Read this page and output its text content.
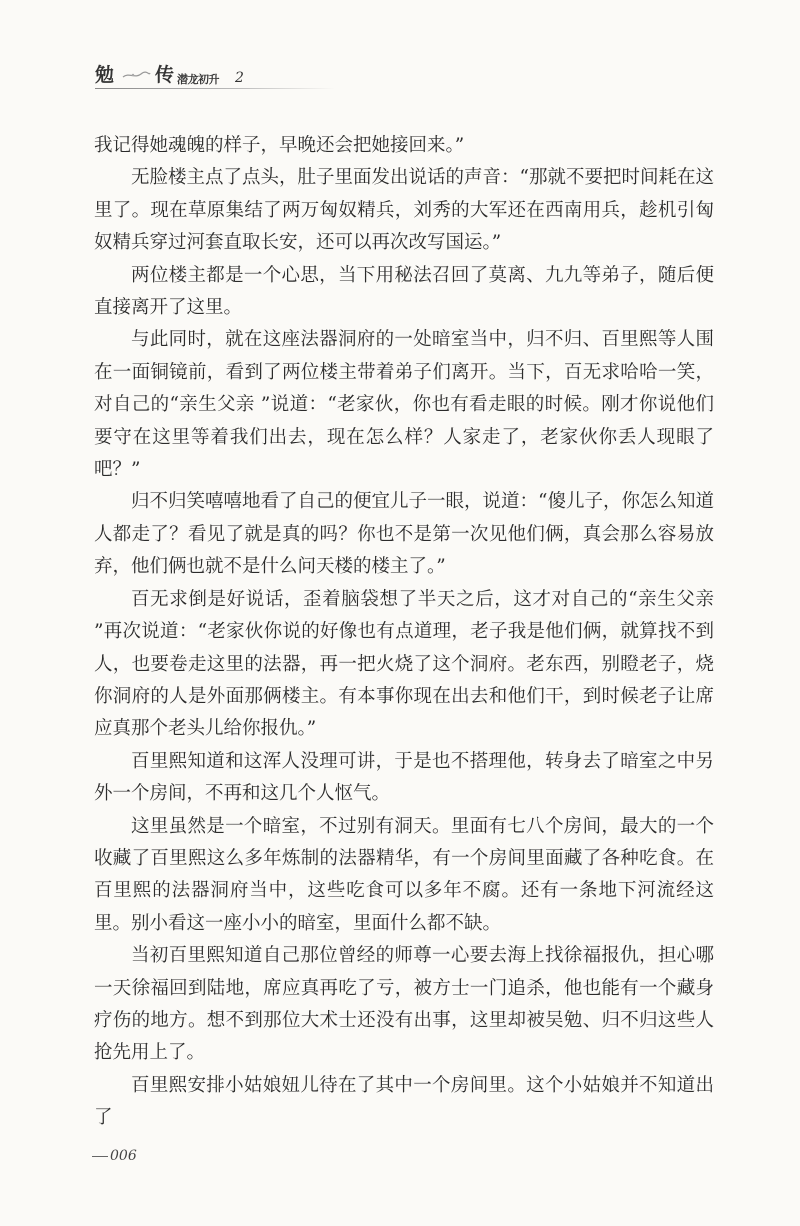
勉 传 潜龙初升 2

我记得她魂魄的样子，早晚还会把她接回来。”

无脸楼主点了点头，肚子里面发出说话的声音：“那就不要把时间耗在这里了。现在草原集结了两万匈奴精兵，刘秀的大军还在西南用兵，趁机引匈奴精兵穿过河套直取长安，还可以再次改写国运。”

两位楼主都是一个心思，当下用秘法召回了莫离、九九等弟子，随后便直接离开了这里。

与此同时，就在这座法器洞府的一处暗室当中，归不归、百里熙等人围在一面铜镜前，看到了两位楼主带着弟子们离开。当下，百无求哈哈一笑，对自己的“亲生父亲 ”说道：“老家伙，你也有看走眼的时候。刚才你说他们要守在这里等着我们出去，现在怎么样？人家走了，老家伙你丢人现眼了吧？”

归不归笑嘻嘻地看了自己的便宜儿子一眼，说道：“傻儿子，你怎么知道人都走了？看见了就是真的吗？你也不是第一次见他们俩，真会那么容易放弃，他们俩也就不是什么问天楼的楼主了。”

百无求倒是好说话，歪着脑袋想了半天之后，这才对自己的“亲生父亲 ”再次说道：“老家伙你说的好像也有点道理，老子我是他们俩，就算找不到人，也要卷走这里的法器，再一把火烧了这个洞府。老东西，别瞪老子，烧你洞府的人是外面那俩楼主。有本事你现在出去和他们干，到时候老子让席应真那个老头儿给你报仇。”

百里熙知道和这浑人没理可讲，于是也不搭理他，转身去了暗室之中另外一个房间，不再和这几个人怄气。

这里虽然是一个暗室，不过别有洞天。里面有七八个房间，最大的一个收藏了百里熙这么多年炼制的法器精华，有一个房间里面藏了各种吃食。在百里熙的法器洞府当中，这些吃食可以多年不腐。还有一条地下河流经这里。别小看这一座小小的暗室，里面什么都不缺。

当初百里熙知道自己那位曾经的师尊一心要去海上找徐福报仇，担心哪一天徐福回到陆地，席应真再吃了亏，被方士一门追杀，他也能有一个藏身疗伤的地方。想不到那位大术士还没有出事，这里却被吴勉、归不归这些人抢先用上了。

百里熙安排小姑娘妞儿待在了其中一个房间里。这个小姑娘并不知道出了

006
